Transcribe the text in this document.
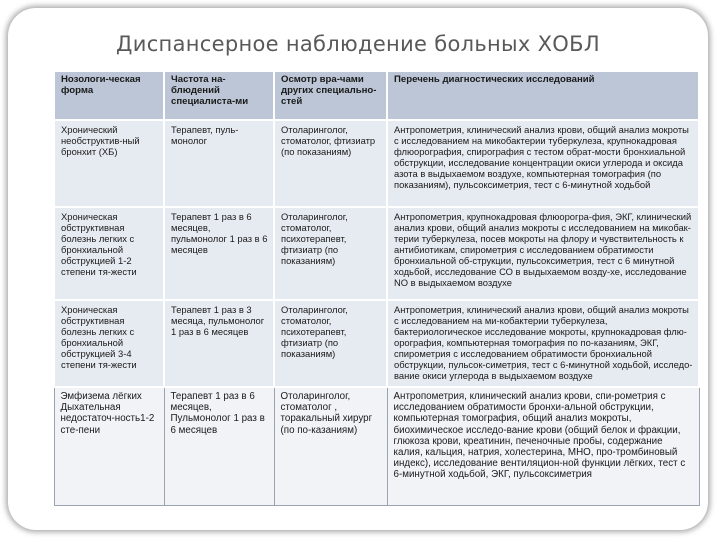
Диспансерное наблюдение больных ХОБЛ
Нозологи-ческая форма	Частота на-блюдений специалиста-ми	Осмотр вра-чами других специально-стей	Перечень диагностических исследований
Хронический необструктив-ный бронхит (ХБ)	Терапевт, пуль-монолог	Отоларинголог, стоматолог, фтизиатр (по показаниям)	Антропометрия, клинический анализ крови, общий анализ мокроты с исследованием на микобактерии туберкулеза, крупнокадровая флюорография, спирография с тестом обрат-мости бронхиальной обструкции, исследование концентрации окиси углерода и оксида азота в выдыхаемом воздухе, компьютерная томография (по показаниям), пульсоксиметрия, тест с 6-минутной ходьбой
Хроническая обструктивная болезнь легких с бронхиальной обструкцией 1-2 степени тя-жести	Терапевт 1 раз в 6 месяцев, пульмонолог 1 раз в 6 месяцев	Отоларинголог, стоматолог, психотерапевт, фтизиатр (по показаниям)	Антропометрия, крупнокадровая флюорогра-фия, ЭКГ, клинический анализ крови, общий анализ мокроты с исследованием на микобак-терии туберкулеза, посев мокроты на флору и чувствительность к антибиотикам, спирометрия с исследованием обратимости бронхиальной об-струкции, пульсоксиметрия, тест с 6 минутной ходьбой, исследование СО в выдыхаемом возду-хе, исследование NO в выдыхаемом воздухе
Хроническая обструктивная болезнь легких с бронхиальной обструкцией 3-4 степени тя-жести	Терапевт 1 раз в 3 месяца, пульмонолог 1 раз в 6 месяцев	Отоларинголог, стоматолог, психотерапевт, фтизиатр (по показаниям)	Антропометрия, клинический анализ крови, общий анализ мокроты с исследованием на ми-кобактерии туберкулеза, бактериологическое исследование мокроты, крупнокадровая флю-орография, компьютерная томография по по-казаниям, ЭКГ, спирометрия с исследованием обратимости бронхиальной обструкции, пульсок-симетрия, тест с 6-минутной ходьбой, исследо-вание окиси углерода в выдыхаемом воздухе
Эмфизема лёгких Дыхательная недостаточ-ность1-2 сте-пени	Терапевт 1 раз в 6 месяцев, Пульмонолог 1 раз в 6 месяцев	Отоларинголог, стоматолог , торакальный хирург (по по-казаниям)	Антропометрия, клинический анализ крови, спи-рометрия с исследованием обратимости бронхи-альной обструкции, компьютерная томография, общий анализ мокроты, биохимическое исследо-вание крови (общий белок и фракции, глюкоза крови, креатинин, печеночные пробы, содержание калия, кальция, натрия, холестерина, МНО, про-тромбиновый индекс), исследование вентиляцион-ной функции лёгких, тест с 6-минутной ходьбой, ЭКГ, пульсоксиметрия
